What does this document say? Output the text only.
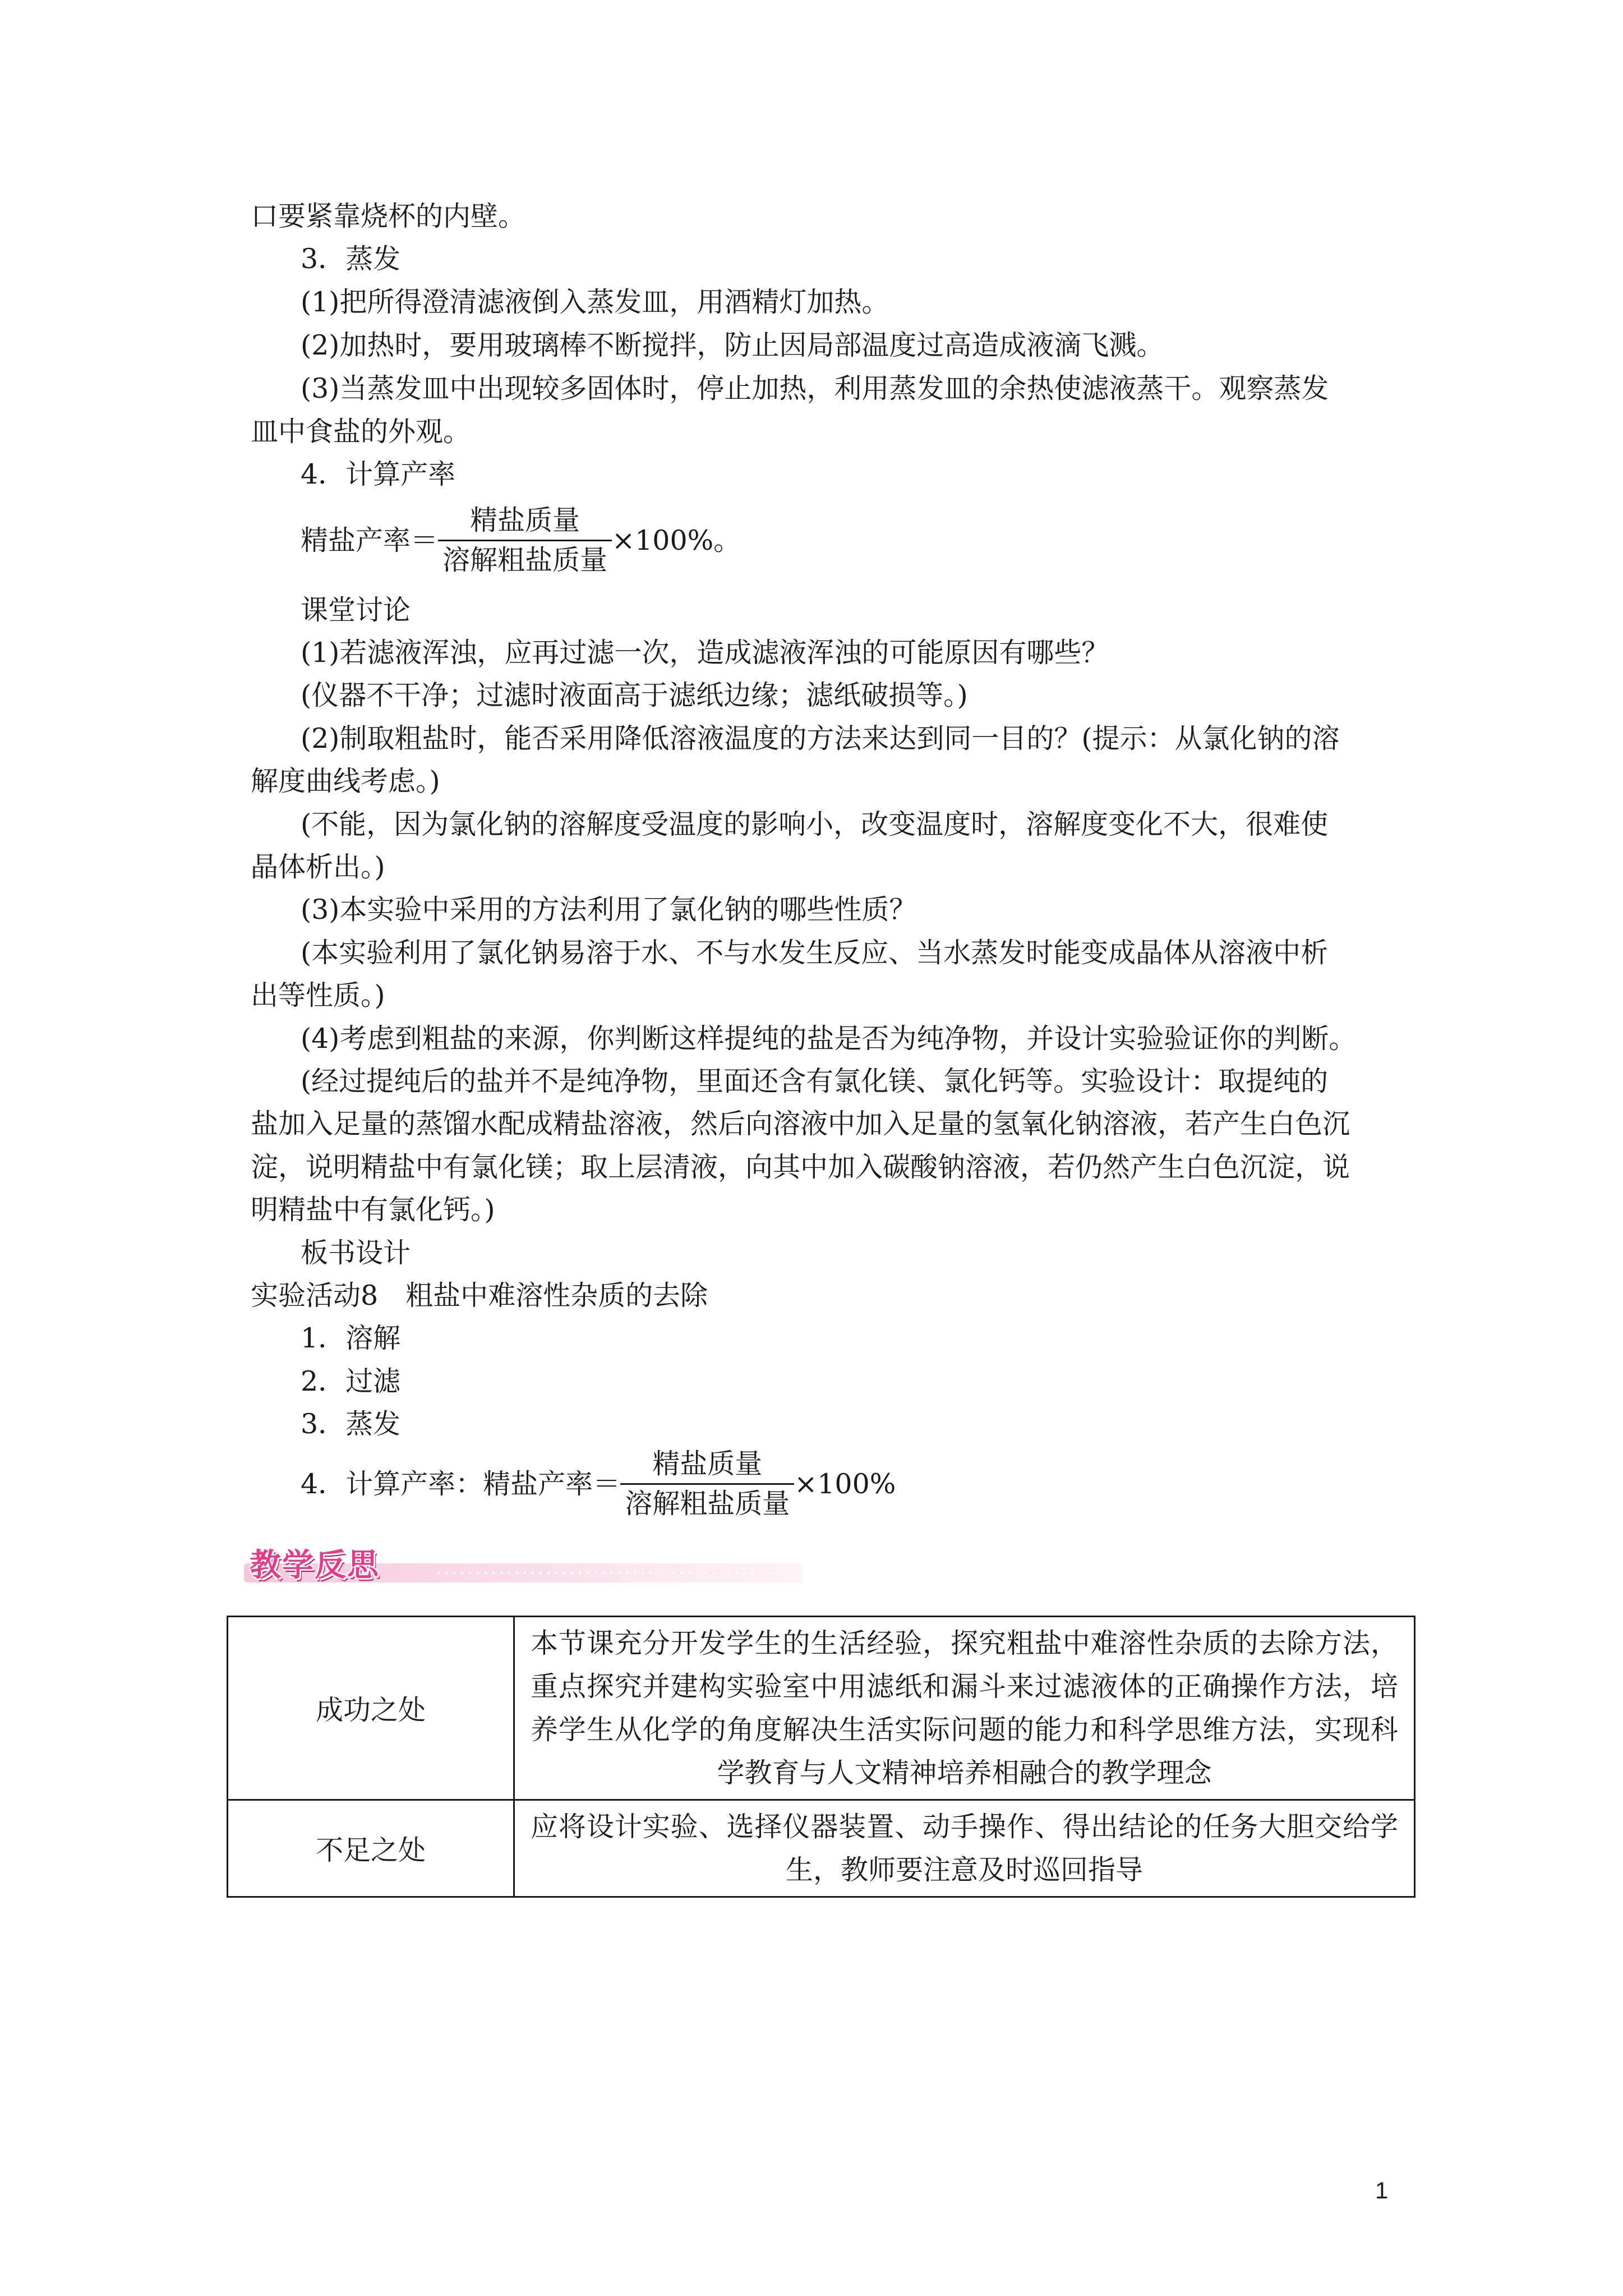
口要紧靠烧杯的内壁。
3．蒸发
(1)把所得澄清滤液倒入蒸发皿，用酒精灯加热。
(2)加热时，要用玻璃棒不断搅拌，防止因局部温度过高造成液滴飞溅。
(3)当蒸发皿中出现较多固体时，停止加热，利用蒸发皿的余热使滤液蒸干。观察蒸发
皿中食盐的外观。
4．计算产率
精盐产率＝ $\frac{\text{精盐质量}}{\text{溶解粗盐质量}} \times 100\%$。
课堂讨论
(1)若滤液浑浊，应再过滤一次，造成滤液浑浊的可能原因有哪些？
(仪器不干净；过滤时液面高于滤纸边缘；滤纸破损等。)
(2)制取粗盐时，能否采用降低溶液温度的方法来达到同一目的？(提示：从氯化钠的溶
解度曲线考虑。)
(不能，因为氯化钠的溶解度受温度的影响小，改变温度时，溶解度变化不大，很难使
晶体析出。)
(3)本实验中采用的方法利用了氯化钠的哪些性质？
(本实验利用了氯化钠易溶于水、不与水发生反应、当水蒸发时能变成晶体从溶液中析
出等性质。)
(4)考虑到粗盐的来源，你判断这样提纯的盐是否为纯净物，并设计实验验证你的判断。
(经过提纯后的盐并不是纯净物，里面还含有氯化镁、氯化钙等。实验设计：取提纯的
盐加入足量的蒸馏水配成精盐溶液，然后向溶液中加入足量的氢氧化钠溶液，若产生白色沉
淀，说明精盐中有氯化镁；取上层清液，向其中加入碳酸钠溶液，若仍然产生白色沉淀，说
明精盐中有氯化钙。)
板书设计
实验活动8　粗盐中难溶性杂质的去除
1．溶解
2．过滤
3．蒸发
4．计算产率：精盐产率＝ $\frac{\text{精盐质量}}{\text{溶解粗盐质量}} \times 100\%$
教学反思
成功之处	本节课充分开发学生的生活经验，探究粗盐中难溶性杂质的去除方法，重点探究并建构实验室中用滤纸和漏斗来过滤液体的正确操作方法，培养学生从化学的角度解决生活实际问题的能力和科学思维方法，实现科学教育与人文精神培养相融合的教学理念
不足之处	应将设计实验、选择仪器装置、动手操作、得出结论的任务大胆交给学生，教师要注意及时巡回指导
1
